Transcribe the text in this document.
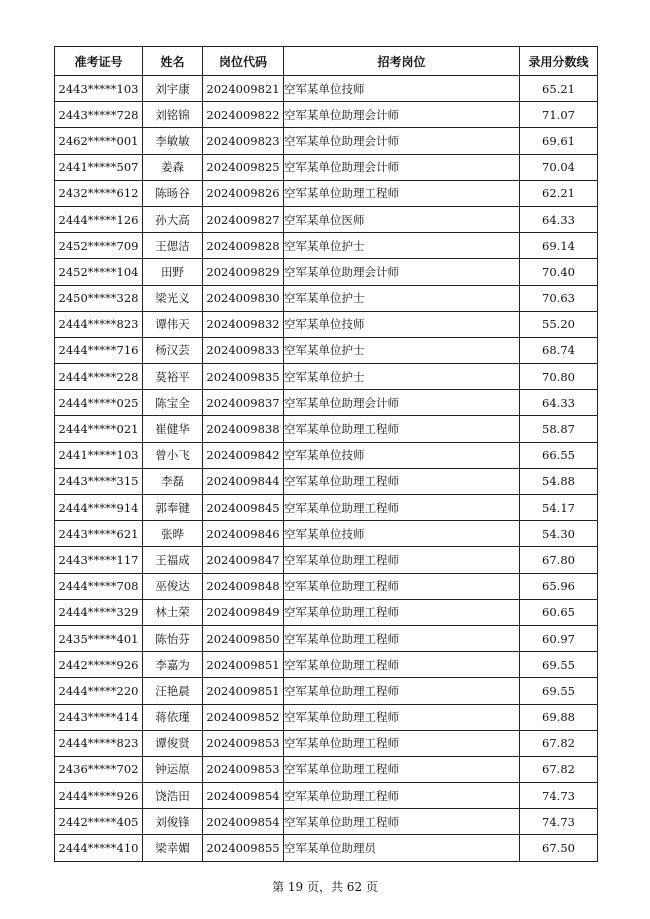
准考证号	姓名	岗位代码	招考岗位	录用分数线
2443*****103	刘宇康	2024009821	空军某单位技师	65.21
2443*****728	刘铭锦	2024009822	空军某单位助理会计师	71.07
2462*****001	李敏敏	2024009823	空军某单位助理会计师	69.61
2441*****507	姜森	2024009825	空军某单位助理会计师	70.04
2432*****612	陈旸谷	2024009826	空军某单位助理工程师	62.21
2444*****126	孙大高	2024009827	空军某单位医师	64.33
2452*****709	王偲洁	2024009828	空军某单位护士	69.14
2452*****104	田野	2024009829	空军某单位助理会计师	70.40
2450*****328	梁光义	2024009830	空军某单位护士	70.63
2444*****823	谭伟天	2024009832	空军某单位技师	55.20
2444*****716	杨汉芸	2024009833	空军某单位护士	68.74
2444*****228	莫裕平	2024009835	空军某单位护士	70.80
2444*****025	陈宝全	2024009837	空军某单位助理会计师	64.33
2444*****021	崔健华	2024009838	空军某单位助理工程师	58.87
2441*****103	曾小飞	2024009842	空军某单位技师	66.55
2443*****315	李磊	2024009844	空军某单位助理工程师	54.88
2444*****914	郭奉键	2024009845	空军某单位助理工程师	54.17
2443*****621	张晔	2024009846	空军某单位技师	54.30
2443*****117	王福成	2024009847	空军某单位助理工程师	67.80
2444*****708	巫俊达	2024009848	空军某单位助理工程师	65.96
2444*****329	林土荣	2024009849	空军某单位助理工程师	60.65
2435*****401	陈怡芬	2024009850	空军某单位助理工程师	60.97
2442*****926	李嘉为	2024009851	空军某单位助理工程师	69.55
2444*****220	汪艳晨	2024009851	空军某单位助理工程师	69.55
2443*****414	蒋依瑾	2024009852	空军某单位助理工程师	69.88
2444*****823	谭俊贤	2024009853	空军某单位助理工程师	67.82
2436*****702	钟运原	2024009853	空军某单位助理工程师	67.82
2444*****926	饶浩田	2024009854	空军某单位助理工程师	74.73
2442*****405	刘俊锋	2024009854	空军某单位助理工程师	74.73
2444*****410	梁幸媚	2024009855	空军某单位助理员	67.50
第 19 页，共 62 页
